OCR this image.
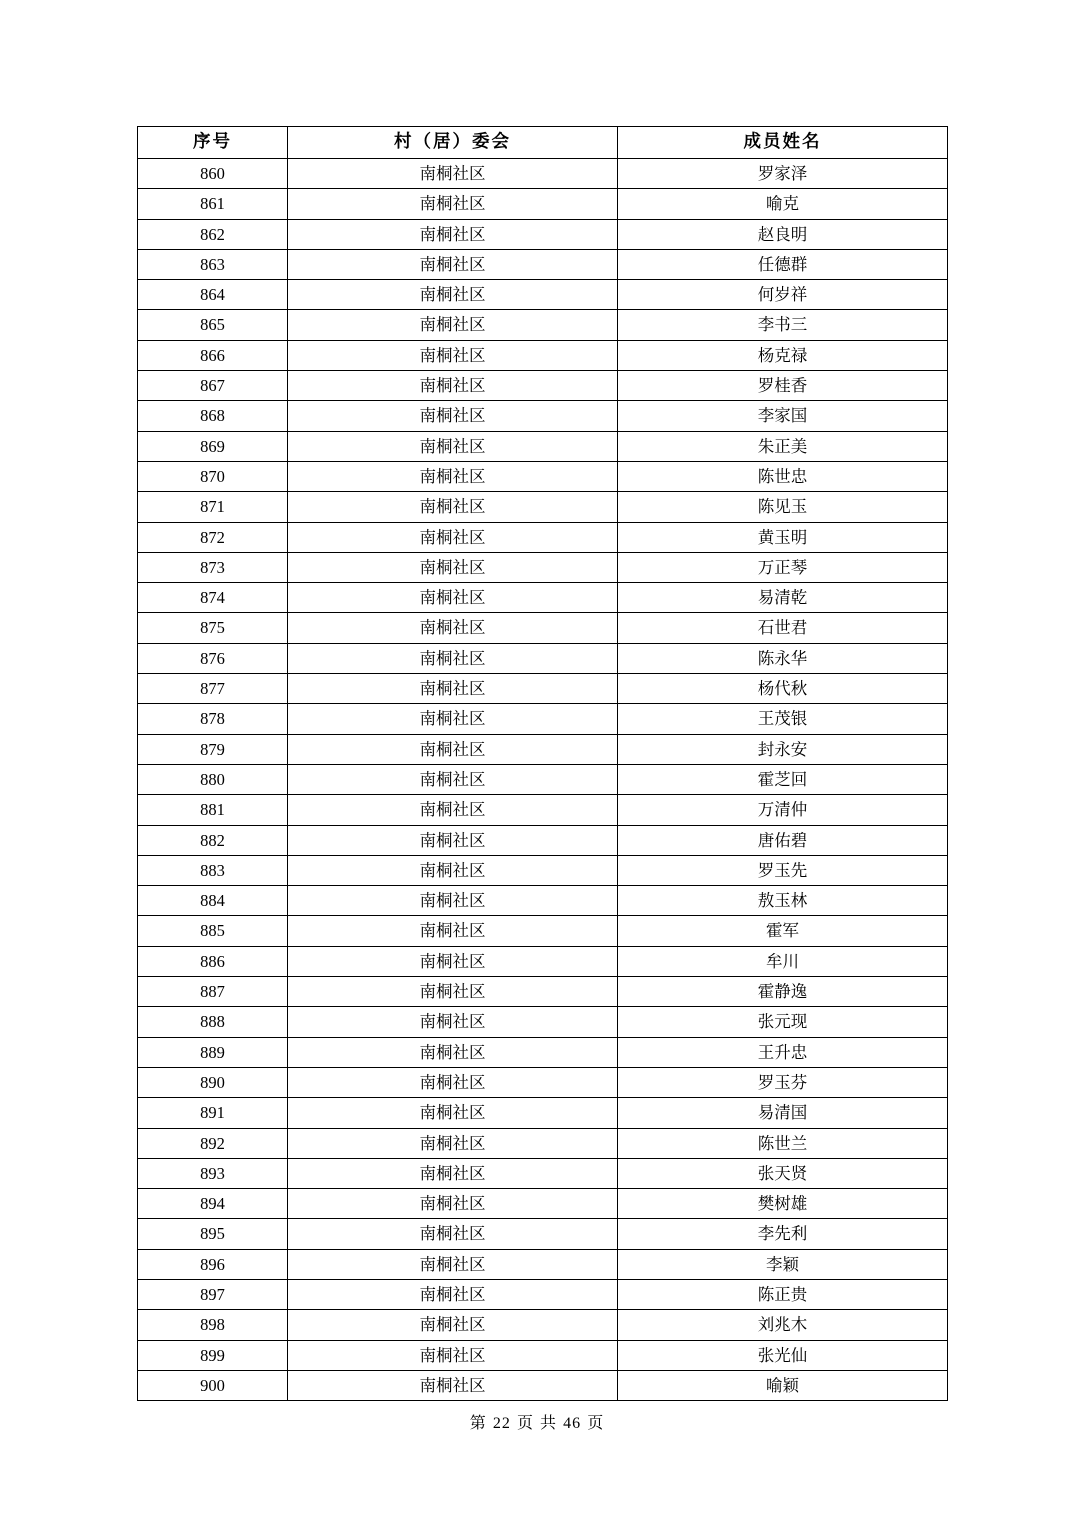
序号	村（居）委会	成员姓名
860	南桐社区	罗家泽
861	南桐社区	喻克
862	南桐社区	赵良明
863	南桐社区	任德群
864	南桐社区	何岁祥
865	南桐社区	李书三
866	南桐社区	杨克禄
867	南桐社区	罗桂香
868	南桐社区	李家国
869	南桐社区	朱正美
870	南桐社区	陈世忠
871	南桐社区	陈见玉
872	南桐社区	黄玉明
873	南桐社区	万正琴
874	南桐社区	易清乾
875	南桐社区	石世君
876	南桐社区	陈永华
877	南桐社区	杨代秋
878	南桐社区	王茂银
879	南桐社区	封永安
880	南桐社区	霍芝回
881	南桐社区	万清仲
882	南桐社区	唐佑碧
883	南桐社区	罗玉先
884	南桐社区	敖玉林
885	南桐社区	霍军
886	南桐社区	牟川
887	南桐社区	霍静逸
888	南桐社区	张元现
889	南桐社区	王升忠
890	南桐社区	罗玉芬
891	南桐社区	易清国
892	南桐社区	陈世兰
893	南桐社区	张天贤
894	南桐社区	樊树雄
895	南桐社区	李先利
896	南桐社区	李颖
897	南桐社区	陈正贵
898	南桐社区	刘兆木
899	南桐社区	张光仙
900	南桐社区	喻颖
第 22 页 共 46 页
